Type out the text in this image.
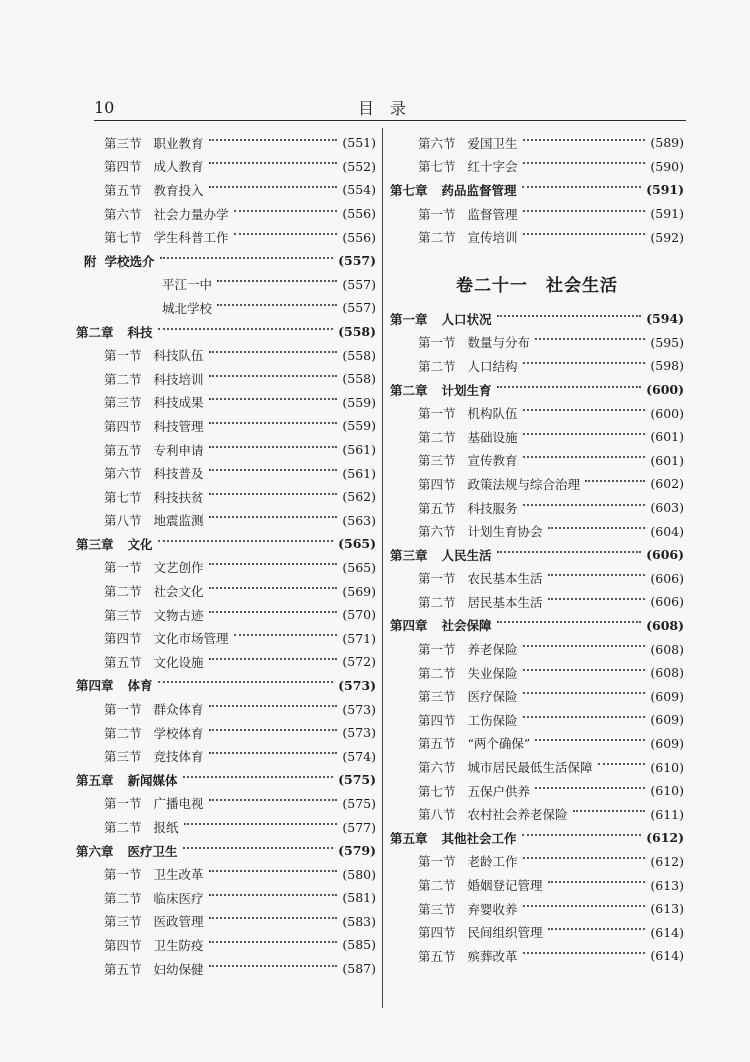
10	目录
第三节 职业教育	(551)
第四节 成人教育	(552)
第五节 教育投入	(554)
第六节 社会力量办学	(556)
第七节 学生科普工作	(556)
附 学校选介	(557)
平江一中	(557)
城北学校	(557)
第二章 科技	(558)
第一节 科技队伍	(558)
第二节 科技培训	(558)
第三节 科技成果	(559)
第四节 科技管理	(559)
第五节 专利申请	(561)
第六节 科技普及	(561)
第七节 科技扶贫	(562)
第八节 地震监测	(563)
第三章 文化	(565)
第一节 文艺创作	(565)
第二节 社会文化	(569)
第三节 文物古迹	(570)
第四节 文化市场管理	(571)
第五节 文化设施	(572)
第四章 体育	(573)
第一节 群众体育	(573)
第二节 学校体育	(573)
第三节 竞技体育	(574)
第五章 新闻媒体	(575)
第一节 广播电视	(575)
第二节 报纸	(577)
第六章 医疗卫生	(579)
第一节 卫生改革	(580)
第二节 临床医疗	(581)
第三节 医政管理	(583)
第四节 卫生防疫	(585)
第五节 妇幼保健	(587)
第六节 爱国卫生	(589)
第七节 红十字会	(590)
第七章 药品监督管理	(591)
第一节 监督管理	(591)
第二节 宣传培训	(592)
卷二十一 社会生活
第一章 人口状况	(594)
第一节 数量与分布	(595)
第二节 人口结构	(598)
第二章 计划生育	(600)
第一节 机构队伍	(600)
第二节 基础设施	(601)
第三节 宣传教育	(601)
第四节 政策法规与综合治理	(602)
第五节 科技服务	(603)
第六节 计划生育协会	(604)
第三章 人民生活	(606)
第一节 农民基本生活	(606)
第二节 居民基本生活	(606)
第四章 社会保障	(608)
第一节 养老保险	(608)
第二节 失业保险	(608)
第三节 医疗保险	(609)
第四节 工伤保险	(609)
第五节 “两个确保”	(609)
第六节 城市居民最低生活保障	(610)
第七节 五保户供养	(610)
第八节 农村社会养老保险	(611)
第五章 其他社会工作	(612)
第一节 老龄工作	(612)
第二节 婚姻登记管理	(613)
第三节 弃婴收养	(613)
第四节 民间组织管理	(614)
第五节 殡葬改革	(614)
